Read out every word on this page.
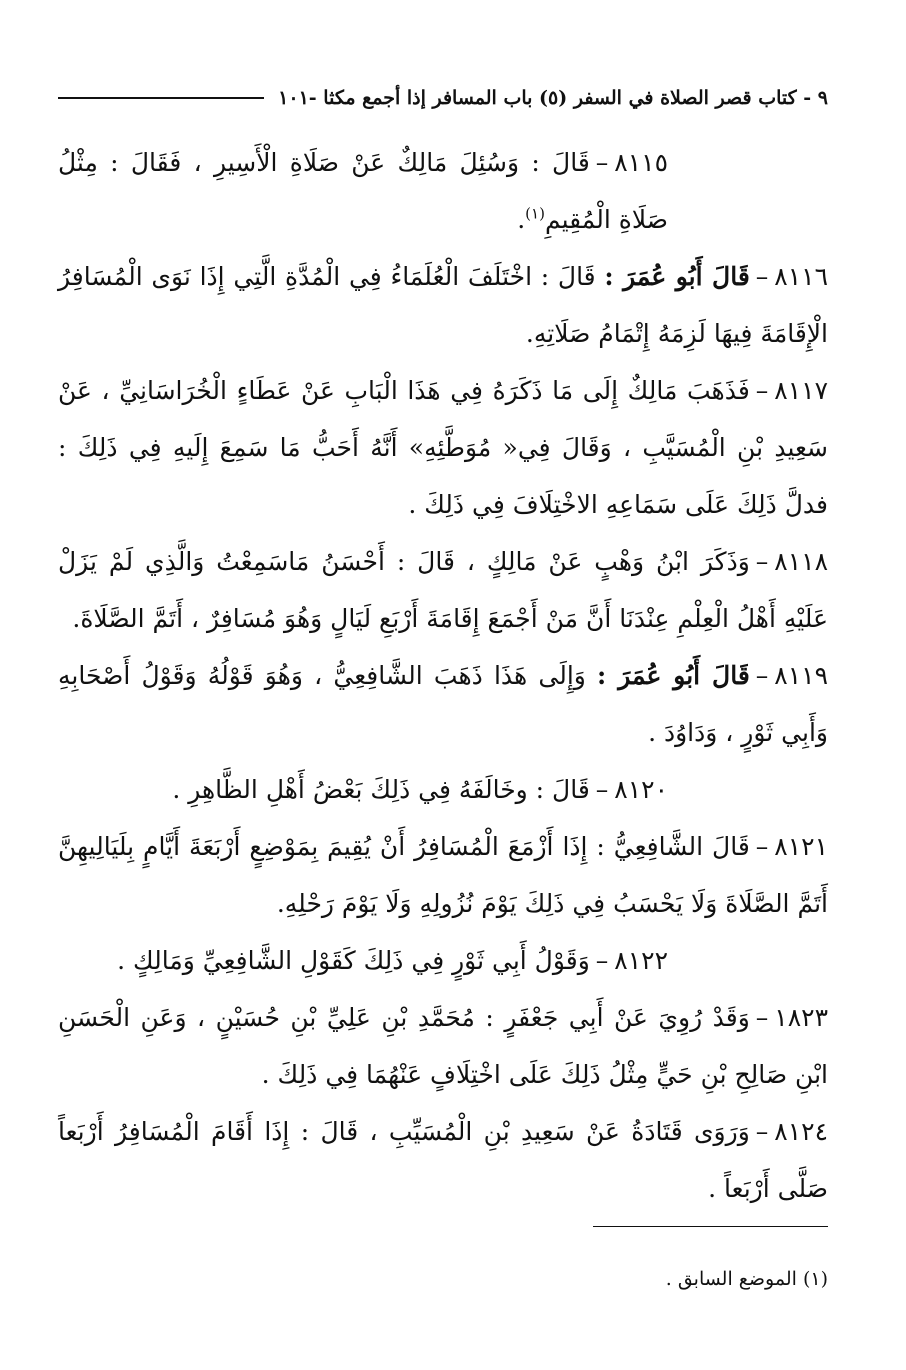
٩ - كتاب قصر الصلاة في السفر (٥) باب المسافر إذا أجمع مكثا -١٠١

٨١١٥–قَالَ : وَسُئِلَ مَالِكٌ عَنْ صَلَاةِ الْأَسِيرِ ، فَقَالَ : مِثْلُ صَلَاةِ الْمُقِيمِ$^{(١)}$.

٨١١٦–قَالَ أَبُو عُمَرَ : قَالَ : اخْتَلَفَ الْعُلَمَاءُ فِي الْمُدَّةِ الَّتِي إِذَا نَوَى الْمُسَافِرُ الْإِقَامَةَ فِيهَا لَزِمَهُ إِتْمَامُ صَلَاتِهِ.

٨١١٧–فَذَهَبَ مَالِكٌ إِلَى مَا ذَكَرَهُ فِي هَذَا الْبَابِ عَنْ عَطَاءٍ الْخُرَاسَانِيِّ ، عَنْ سَعِيدِ بْنِ الْمُسَيَّبِ ، وَقَالَ فِي« مُوَطَّئِهِ» أَنَّهُ أَحَبُّ مَا سَمِعَ إِلَيهِ فِي ذَلِكَ : فدلَّ ذَلِكَ عَلَى سَمَاعِهِ الاخْتِلَافَ فِي ذَلِكَ .

٨١١٨–وَذَكَرَ ابْنُ وَهْبٍ عَنْ مَالِكٍ ، قَالَ : أَحْسَنُ مَاسَمِعْتُ وَالَّذِي لَمْ يَزَلْ عَلَيْهِ أَهْلُ الْعِلْمِ عِنْدَنَا أَنَّ مَنْ أَجْمَعَ إِقَامَةَ أَرْبَعِ لَيَالٍ وَهُوَ مُسَافِرٌ ، أَتَمَّ الصَّلَاةَ.

٨١١٩–قَالَ أَبُو عُمَرَ : وَإِلَى هَذَا ذَهَبَ الشَّافِعِيُّ ، وَهُوَ قَوْلُهُ وَقَوْلُ أَصْحَابِهِ وَأَبِي ثَوْرٍ ، وَدَاوُدَ .

٨١٢٠–قَالَ : وخَالَفَهُ فِي ذَلِكَ بَعْضُ أَهْلِ الظَّاهِرِ .

٨١٢١–قَالَ الشَّافِعِيُّ : إِذَا أَزْمَعَ الْمُسَافِرُ أَنْ يُقِيمَ بِمَوْضِعٍ أَرْبَعَةَ أَيَّامٍ بِلَيَالِيهِنَّ أَتَمَّ الصَّلَاةَ وَلَا يَحْسَبُ فِي ذَلِكَ يَوْمَ نُزُولِهِ وَلَا يَوْمَ رَحْلِهِ.

٨١٢٢–وَقَوْلُ أَبِي ثَوْرٍ فِي ذَلِكَ كَقَوْلِ الشَّافِعِيِّ وَمَالِكٍ .

١٨٢٣–وَقَدْ رُوِيَ عَنْ أَبِي جَعْفَرٍ : مُحَمَّدِ بْنِ عَلِيِّ بْنِ حُسَيْنٍ ، وَعَنِ الْحَسَنِ ابْنِ صَالِحِ بْنِ حَيٍّ مِثْلُ ذَلِكَ عَلَى اخْتِلَافٍ عَنْهُمَا فِي ذَلِكَ .

٨١٢٤–وَرَوَى قَتَادَةُ عَنْ سَعِيدِ بْنِ الْمُسَيِّبِ ، قَالَ : إِذَا أَقَامَ الْمُسَافِرُ أَرْبَعاً صَلَّى أَرْبَعاً .

(١) الموضع السابق .
